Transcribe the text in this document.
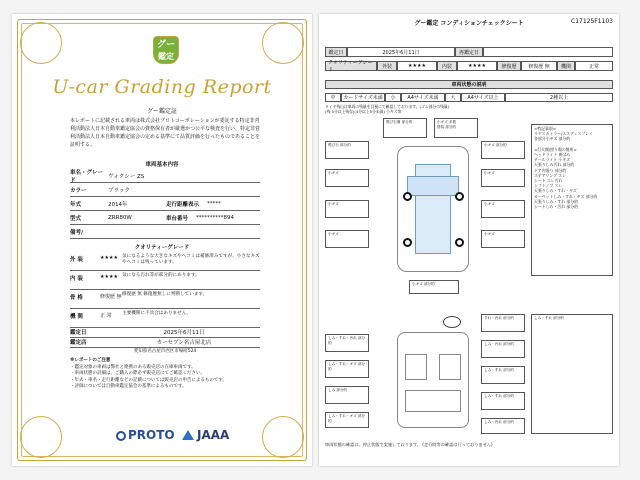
グー
鑑定
U-car Grading Report
グー鑑定証
本レポートに記載される車両は株式会社プロトコーポレーションが委託する特定非営利活動法人日本自動車鑑定協会の資格保有者が厳選かつ公平な検査を行い、特定非営利活動法人日本自動車鑑定協会の定める基準にて品質評価を行ったものであることを証明する。
車両基本内容
車名・グレード
ヴォクシー ZS
カラー	ブラック
年式	2014年	走行距離表示 *****
型式	ZRR80W	車台番号 **********894
備考/
クオリティーグレード
外 装	★★★★ 気になるような大きなキズやヘコミは補修済みですが、小さなキズやヘコミは残っています。
内 装	★★★★ 気になる汚れ等が部分的にあります。
骨 格	修復歴 無 修復歴 無 修復歴無しに判断しています。
機 関	正 常	主要機関に不具合はありません。
鑑定日	2025年6月11日
鑑定店	カーセブン名古屋北店
愛知県名古屋市西区市場町524
※レポートのご注意
・鑑定対象の車両は弊社と連携のある販売店の在庫車両です。
・車両状態の詳細は、ご購入の際必ず販売店にてご確認ください。
・年式・車名・走行距離などの記載については販売店の申告によるものです。
・評価については自動車鑑定協会の基準によるものです。
PROTO	JAAA
グー鑑定 コンディションチェックシート	C17125F1103
鑑定日	2025年6月11日	再鑑定日
クオリティーグレード
外装	★★★★	内装	★★★★	修復歴	修復歴 無	機関	正常
車両状態の説明
中	カードサイズ未満	小	A4サイズ未満	大	A4サイズ以上	2種以上
タイヤ残山は車両の残量を目視にて確認しております。(ゴム部分の残量)
(残 5分以上残存)(4分以上5分未満) 小キズ等
飛び石傷 部分的	小ギズ 多数
塗装 部分的
飛び石 部分的	小ギズ 部分的
小ギズ	小ギズ
小ギズ	小ギズ
小ギズ	小ギズ
小ギズ 部分的
<特記事項>
リヤスポイラー/エスディスプレイ
各部分小ギズ 部分的

<灯火類/照り傷の箇所>
ヘッドライト 黄ばみ
テールライト 小ギズ
天張りしみ汚れ 部分的
ドア内張り 部分的
ステアリング スレ
シート スレ汚れ
シフトノブ スレ
天張りしみ・すれ・ギズ
カーペットしみ・すれ・ギズ 部分的
天張りしみ・すれ 部分的
シートしみ・汚れ 部分的
すれ・汚れ 部分的
しみ・すれ・汚れ 部分的	しみ・汚れ 部分的
しみ・すれ・ギズ 部分的	しみ・すれ 部分的
しみ 部分的
しみ・すれ 部分的
しみ・すれ・ギズ 部分的	しみ・汚れ 部分的
しみ・すれ 部分的
車両状態の確認は、停止状態で実施しております。 (走行時等の確認は行っておりません)
